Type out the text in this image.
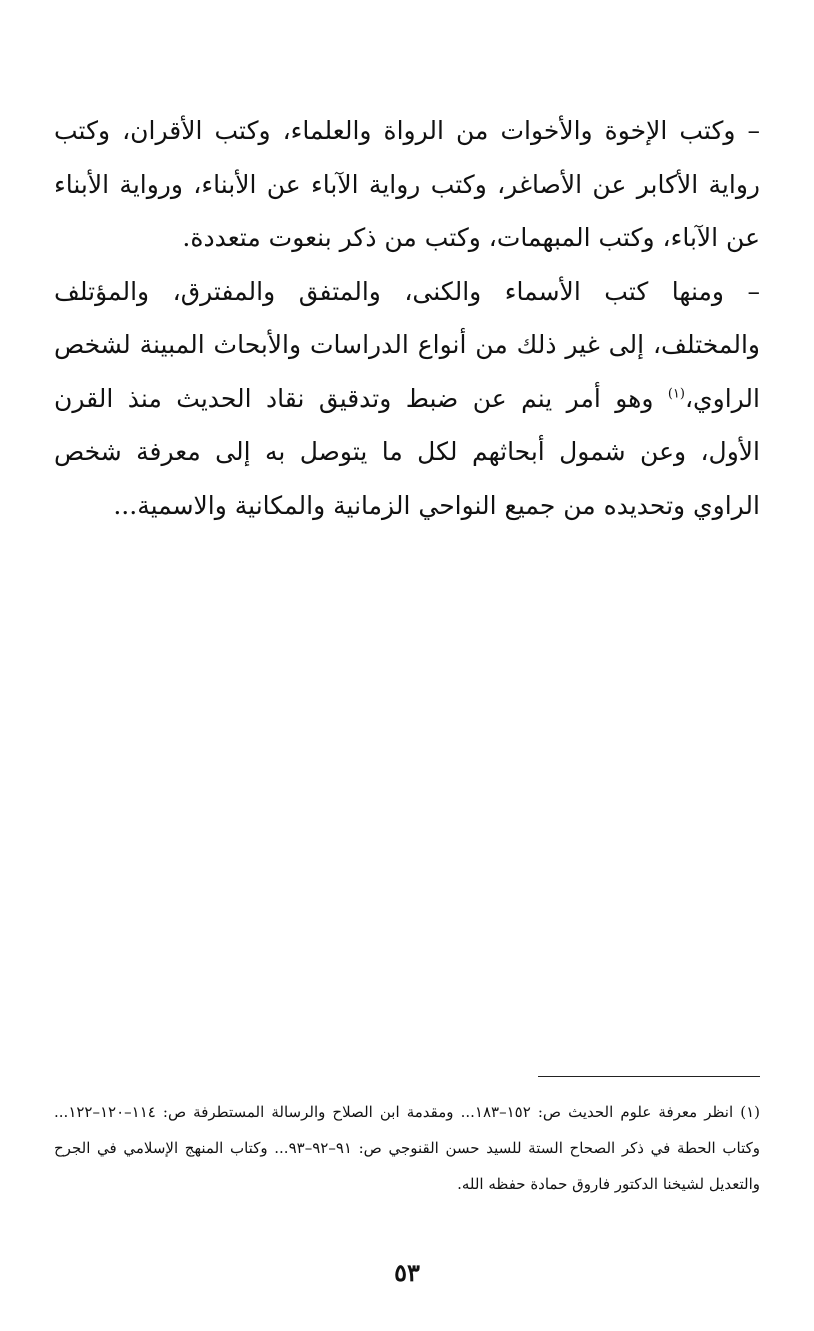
– وكتب الإخوة والأخوات من الرواة والعلماء، وكتب الأقران، وكتب رواية الأكابر عن الأصاغر، وكتب رواية الآباء عن الأبناء، ورواية الأبناء عن الآباء، وكتب المبهمات، وكتب من ذكر بنعوت متعددة.

– ومنها كتب الأسماء والكنى، والمتفق والمفترق، والمؤتلف والمختلف، إلى غير ذلك من أنواع الدراسات والأبحاث المبينة لشخص الراوي،$^{(١)}$ وهو أمر ينم عن ضبط وتدقيق نقاد الحديث منذ القرن الأول، وعن شمول أبحاثهم لكل ما يتوصل به إلى معرفة شخص الراوي وتحديده من جميع النواحي الزمانية والمكانية والاسمية...

(١) انظر معرفة علوم الحديث ص: ١٥٢–١٨٣... ومقدمة ابن الصلاح والرسالة المستطرفة ص: ١١٤–١٢٠–١٢٢... وكتاب الحطة في ذكر الصحاح الستة للسيد حسن القنوجي ص: ٩١–٩٢–٩٣... وكتاب المنهج الإسلامي في الجرح والتعديل لشيخنا الدكتور فاروق حمادة حفظه الله.

٥٣
